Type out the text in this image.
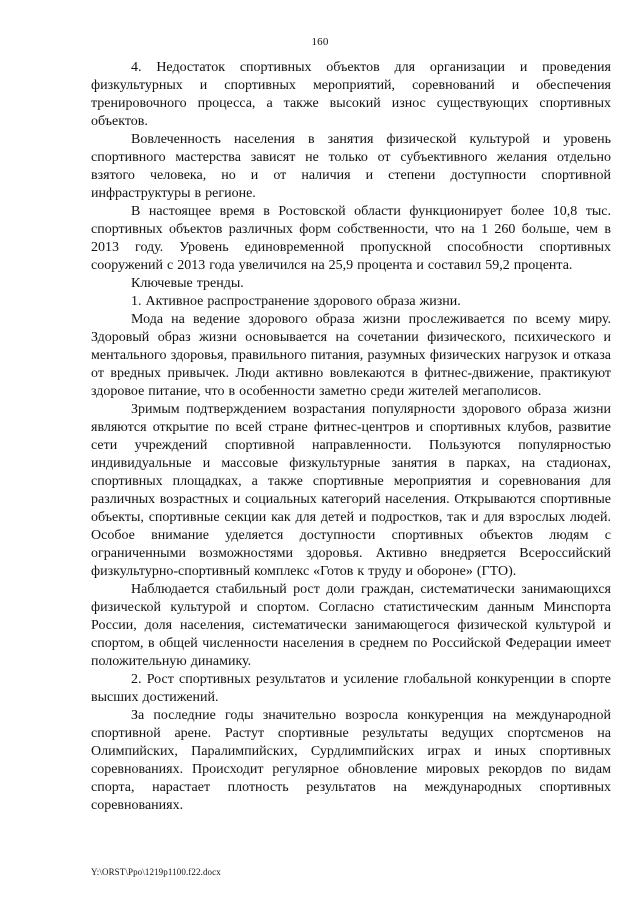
160

4. Недостаток спортивных объектов для организации и проведения физкультурных и спортивных мероприятий, соревнований и обеспечения тренировочного процесса, а также высокий износ существующих спортивных объектов.

Вовлеченность населения в занятия физической культурой и уровень спортивного мастерства зависят не только от субъективного желания отдельно взятого человека, но и от наличия и степени доступности спортивной инфраструктуры в регионе.

В настоящее время в Ростовской области функционирует более 10,8 тыс. спортивных объектов различных форм собственности, что на 1 260 больше, чем в 2013 году. Уровень единовременной пропускной способности спортивных сооружений с 2013 года увеличился на 25,9 процента и составил 59,2 процента.

Ключевые тренды.

1. Активное распространение здорового образа жизни.

Мода на ведение здорового образа жизни прослеживается по всему миру. Здоровый образ жизни основывается на сочетании физического, психического и ментального здоровья, правильного питания, разумных физических нагрузок и отказа от вредных привычек. Люди активно вовлекаются в фитнес-движение, практикуют здоровое питание, что в особенности заметно среди жителей мегаполисов.

Зримым подтверждением возрастания популярности здорового образа жизни являются открытие по всей стране фитнес-центров и спортивных клубов, развитие сети учреждений спортивной направленности. Пользуются популярностью индивидуальные и массовые физкультурные занятия в парках, на стадионах, спортивных площадках, а также спортивные мероприятия и соревнования для различных возрастных и социальных категорий населения. Открываются спортивные объекты, спортивные секции как для детей и подростков, так и для взрослых людей. Особое внимание уделяется доступности спортивных объектов людям с ограниченными возможностями здоровья. Активно внедряется Всероссийский физкультурно-спортивный комплекс «Готов к труду и обороне» (ГТО).

Наблюдается стабильный рост доли граждан, систематически занимающихся физической культурой и спортом. Согласно статистическим данным Минспорта России, доля населения, систематически занимающегося физической культурой и спортом, в общей численности населения в среднем по Российской Федерации имеет положительную динамику.

2. Рост спортивных результатов и усиление глобальной конкуренции в спорте высших достижений.

За последние годы значительно возросла конкуренция на международной спортивной арене. Растут спортивные результаты ведущих спортсменов на Олимпийских, Паралимпийских, Сурдлимпийских играх и иных спортивных соревнованиях. Происходит регулярное обновление мировых рекордов по видам спорта, нарастает плотность результатов на международных спортивных соревнованиях.

Y:\ORST\Ppo\1219p1100.f22.docx
